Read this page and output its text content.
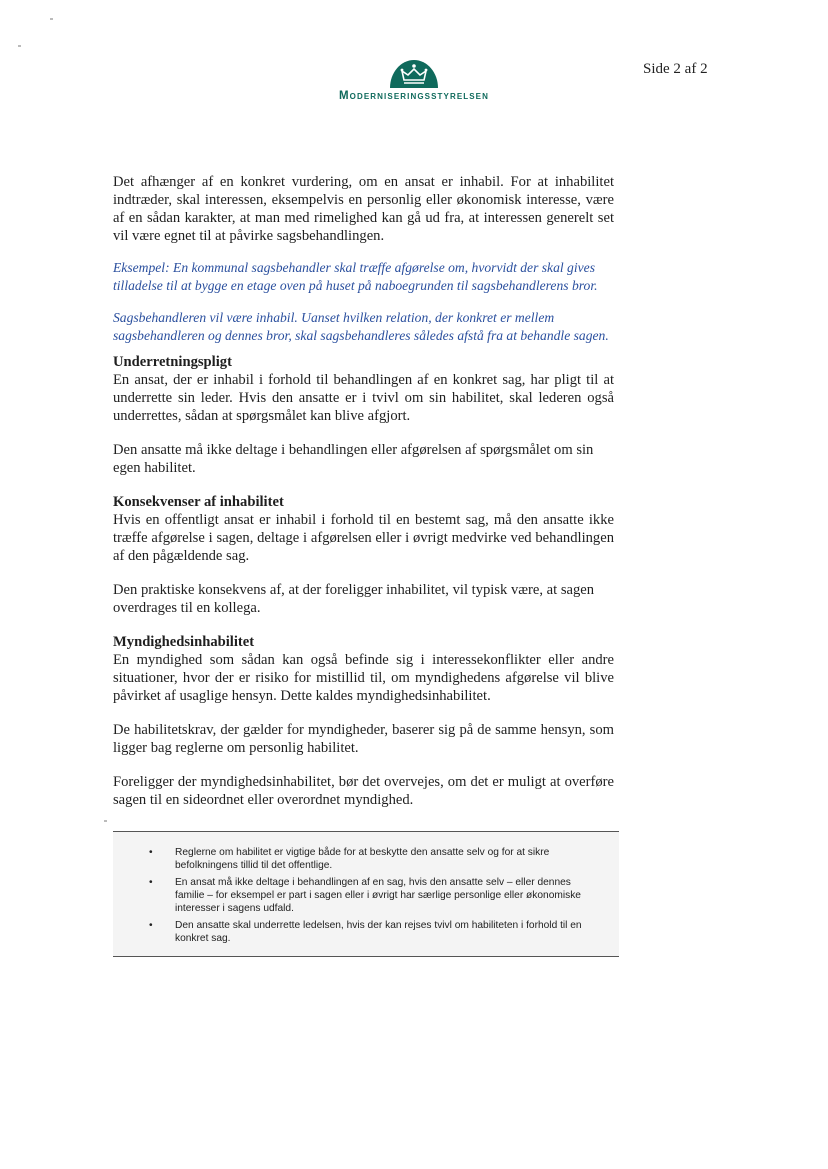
Side 2 af 2
Moderniseringsstyrelsen

Det afhænger af en konkret vurdering, om en ansat er inhabil. For at inhabilitet indtræder, skal interessen, eksempelvis en personlig eller økonomisk interesse, være af en sådan karakter, at man med rimelighed kan gå ud fra, at interessen generelt set vil være egnet til at påvirke sagsbehandlingen.

Eksempel: En kommunal sagsbehandler skal træffe afgørelse om, hvorvidt der skal gives tilladelse til at bygge en etage oven på huset på naboegrunden til sagsbehandlerens bror.

Sagsbehandleren vil være inhabil. Uanset hvilken relation, der konkret er mellem sagsbehandleren og dennes bror, skal sagsbehandleres således afstå fra at behandle sagen.

Underretningspligt

En ansat, der er inhabil i forhold til behandlingen af en konkret sag, har pligt til at underrette sin leder. Hvis den ansatte er i tvivl om sin habilitet, skal lederen også underrettes, sådan at spørgsmålet kan blive afgjort.

Den ansatte må ikke deltage i behandlingen eller afgørelsen af spørgsmålet om sin egen habilitet.

Konsekvenser af inhabilitet

Hvis en offentligt ansat er inhabil i forhold til en bestemt sag, må den ansatte ikke træffe afgørelse i sagen, deltage i afgørelsen eller i øvrigt medvirke ved behandlingen af den pågældende sag.

Den praktiske konsekvens af, at der foreligger inhabilitet, vil typisk være, at sagen overdrages til en kollega.

Myndighedsinhabilitet

En myndighed som sådan kan også befinde sig i interessekonflikter eller andre situationer, hvor der er risiko for mistillid til, om myndighedens afgørelse vil blive påvirket af usaglige hensyn. Dette kaldes myndighedsinhabilitet.

De habilitetskrav, der gælder for myndigheder, baserer sig på de samme hensyn, som ligger bag reglerne om personlig habilitet.

Foreligger der myndighedsinhabilitet, bør det overvejes, om det er muligt at overføre sagen til en sideordnet eller overordnet myndighed.

• Reglerne om habilitet er vigtige både for at beskytte den ansatte selv og for at sikre befolkningens tillid til det offentlige.
• En ansat må ikke deltage i behandlingen af en sag, hvis den ansatte selv – eller dennes familie – for eksempel er part i sagen eller i øvrigt har særlige personlige eller økonomiske interesser i sagens udfald.
• Den ansatte skal underrette ledelsen, hvis der kan rejses tvivl om habiliteten i forhold til en konkret sag.
